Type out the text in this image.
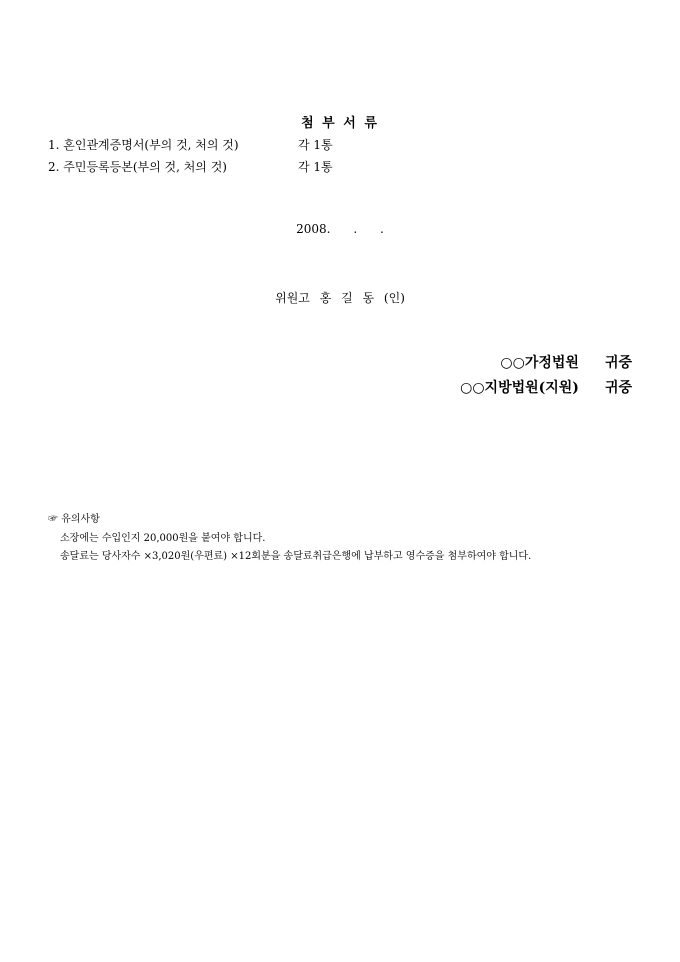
첨 부 서 류
1. 혼인관계증명서(부의 것, 처의 것)	각 1통
2. 주민등록등본(부의 것, 처의 것)	각 1통
2008.      .      .
위원고 홍 길 동 (인)
○○가정법원 귀중
○○지방법원(지원) 귀중
☞ 유의사항
소장에는 수입인지 20,000원을 붙여야 합니다.
송달료는 당사자수 ×3,020원(우편료) ×12회분을 송달료취급은행에 납부하고 영수증을 첨부하여야 합니다.
